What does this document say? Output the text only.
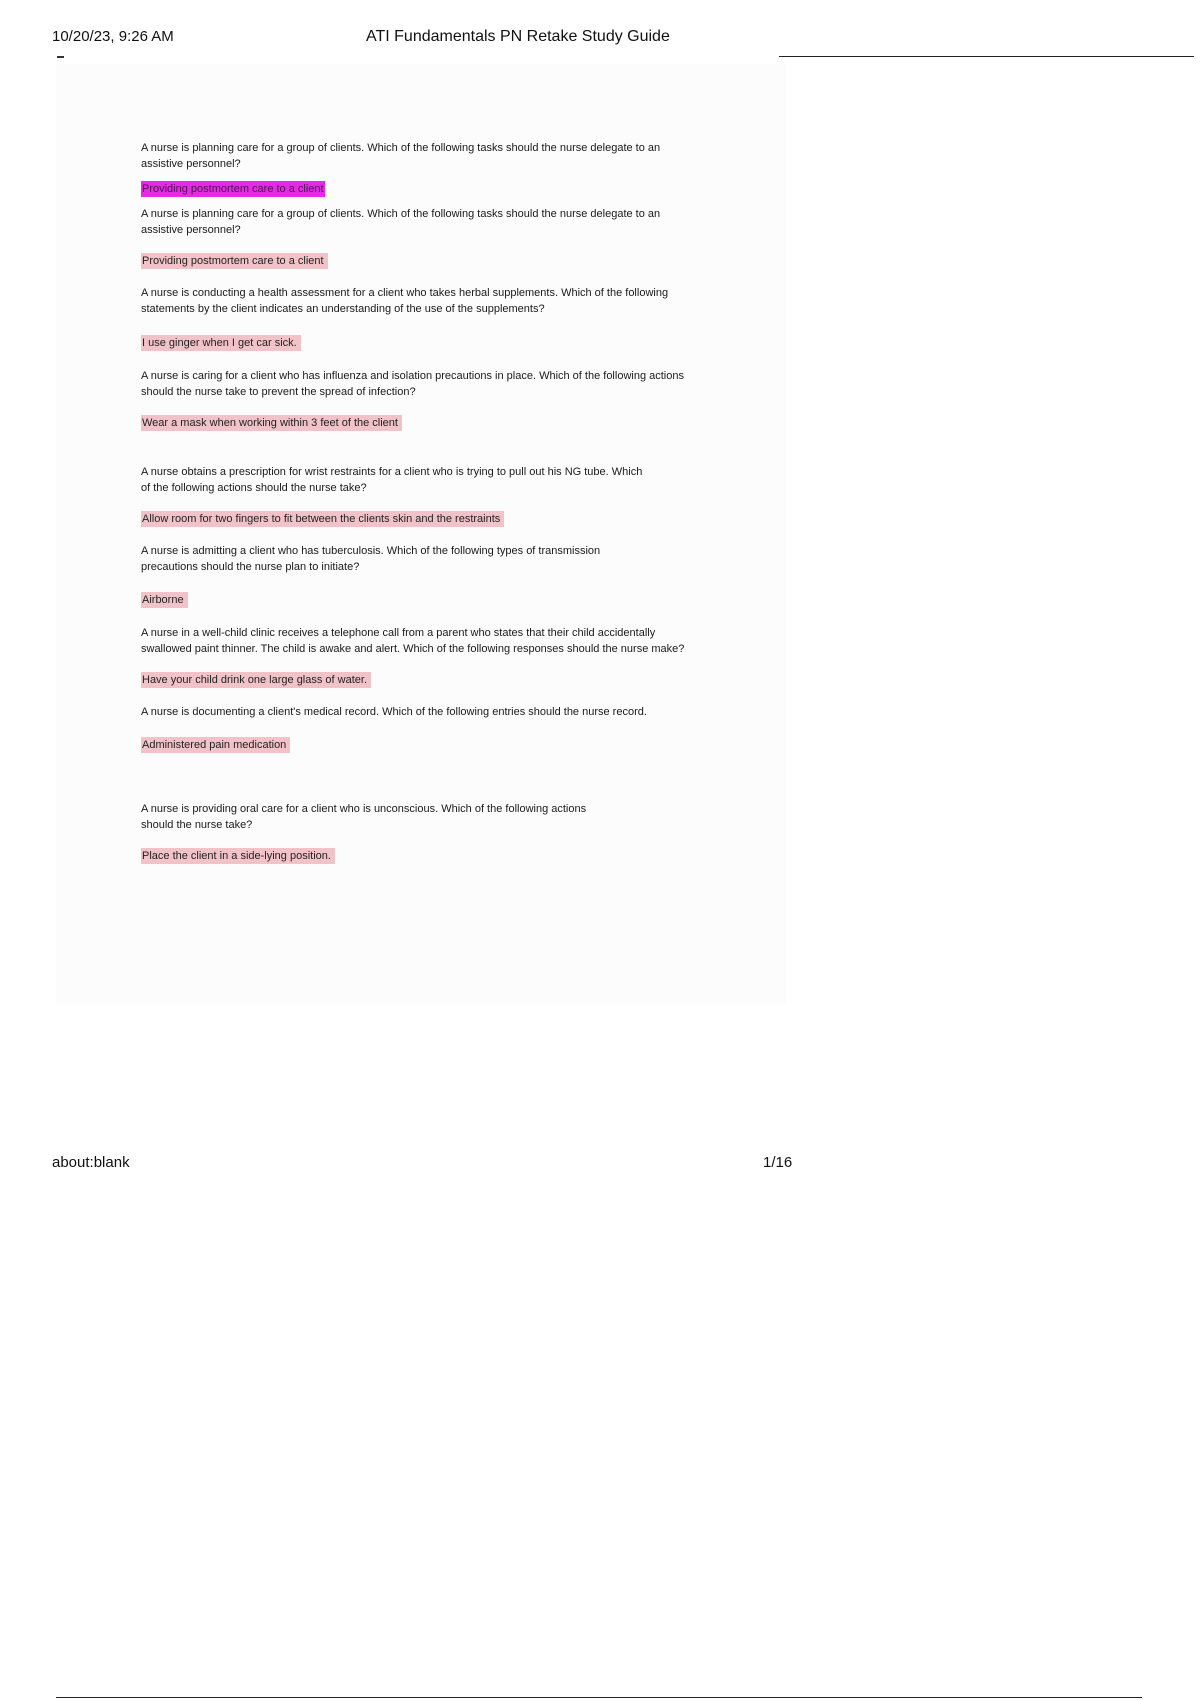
10/20/23, 9:26 AM	ATI Fundamentals PN Retake Study Guide

A nurse is planning care for a group of clients. Which of the following tasks should the nurse delegate to an assistive personnel?

Providing postmortem care to a client

A nurse is planning care for a group of clients. Which of the following tasks should the nurse delegate to an assistive personnel?

Providing postmortem care to a client

A nurse is conducting a health assessment for a client who takes herbal supplements. Which of the following statements by the client indicates an understanding of the use of the supplements?

I use ginger when I get car sick.

A nurse is caring for a client who has influenza and isolation precautions in place. Which of the following actions should the nurse take to prevent the spread of infection?

Wear a mask when working within 3 feet of the client

A nurse obtains a prescription for wrist restraints for a client who is trying to pull out his NG tube. Which of the following actions should the nurse take?

Allow room for two fingers to fit between the clients skin and the restraints

A nurse is admitting a client who has tuberculosis. Which of the following types of transmission precautions should the nurse plan to initiate?

Airborne

A nurse in a well-child clinic receives a telephone call from a parent who states that their child accidentally swallowed paint thinner. The child is awake and alert. Which of the following responses should the nurse make?

Have your child drink one large glass of water.

A nurse is documenting a client's medical record. Which of the following entries should the nurse record.

Administered pain medication

A nurse is providing oral care for a client who is unconscious. Which of the following actions should the nurse take?

Place the client in a side-lying position.
about:blank	1/16
